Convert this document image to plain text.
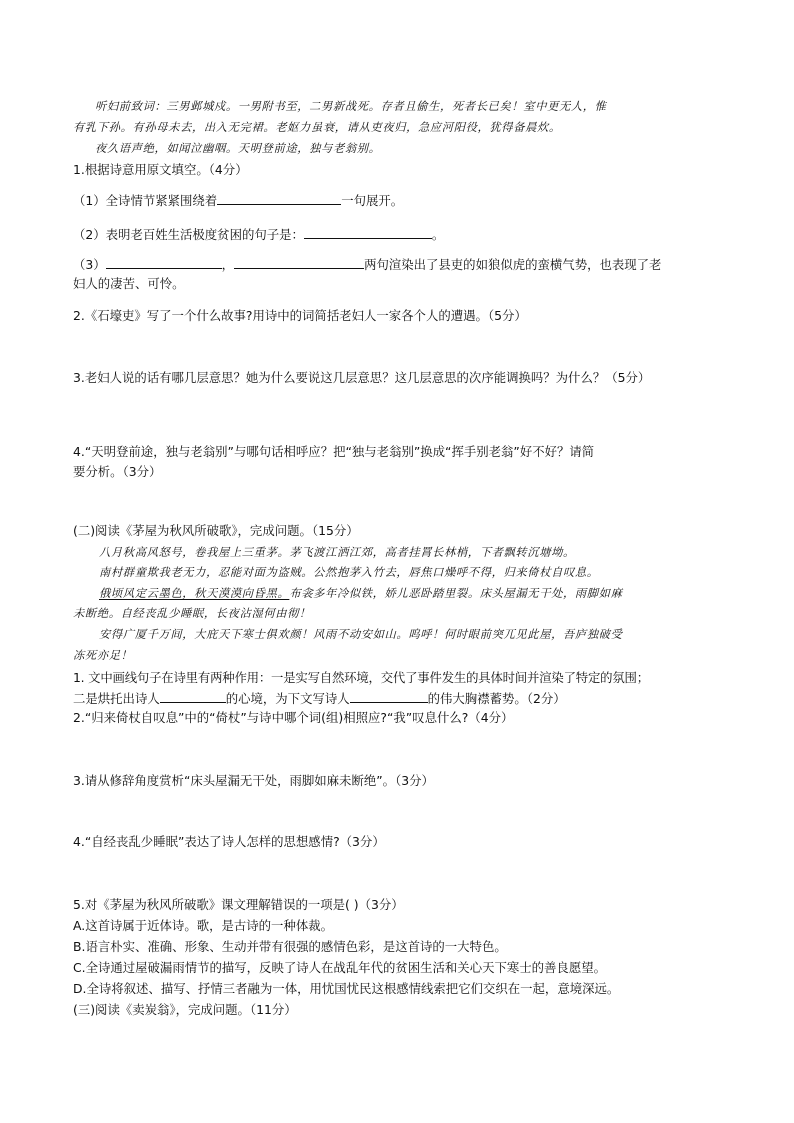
听妇前致词：三男邺城戍。一男附书至，二男新战死。存者且偷生，死者长已矣！室中更无人，惟
有乳下孙。有孙母未去，出入无完裙。老妪力虽衰，请从吏夜归，急应河阳役，犹得备晨炊。
夜久语声绝，如闻泣幽咽。天明登前途，独与老翁别。
1.根据诗意用原文填空。（4分）
（1）全诗情节紧紧围绕着	一句展开。
（2）表明老百姓生活极度贫困的句子是：	。
（3）	，	两句渲染出了县吏的如狼似虎的蛮横气势，也表现了老
妇人的凄苦、可怜。
2.《石壕吏》写了一个什么故事?用诗中的词简括老妇人一家各个人的遭遇。（5分）
3.老妇人说的话有哪几层意思？她为什么要说这几层意思？这几层意思的次序能调换吗？为什么？（5分）
4.“天明登前途，独与老翁别”与哪句话相呼应？把“独与老翁别”换成“挥手别老翁”好不好？请简
要分析。（3分）
(二)阅读《茅屋为秋风所破歌》，完成问题。（15分）
八月秋高风怒号，卷我屋上三重茅。茅飞渡江洒江郊，高者挂罥长林梢，下者飘转沉塘坳。
南村群童欺我老无力，忍能对面为盗贼。公然抱茅入竹去，唇焦口燥呼不得，归来倚杖自叹息。
俄顷风定云墨色，秋天漠漠向昏黑。布衾多年冷似铁，娇儿恶卧踏里裂。床头屋漏无干处，雨脚如麻
未断绝。自经丧乱少睡眠，长夜沾湿何由彻！
安得广厦千万间，大庇天下寒士俱欢颜！风雨不动安如山。呜呼！何时眼前突兀见此屋，吾庐独破受
冻死亦足！
1. 文中画线句子在诗里有两种作用：一是实写自然环境，交代了事件发生的具体时间并渲染了特定的氛围；
二是烘托出诗人	的心境，为下文写诗人	的伟大胸襟蓄势。（2分）
2.“归来倚杖自叹息”中的“倚杖”与诗中哪个词(组)相照应?“我”叹息什么?（4分）
3.请从修辞角度赏析“床头屋漏无干处，雨脚如麻未断绝”。（3分）
4.“自经丧乱少睡眠”表达了诗人怎样的思想感情?（3分）
5.对《茅屋为秋风所破歌》课文理解错误的一项是( )（3分）
A.这首诗属于近体诗。歌，是古诗的一种体裁。
B.语言朴实、准确、形象、生动并带有很强的感情色彩，是这首诗的一大特色。
C.全诗通过屋破漏雨情节的描写，反映了诗人在战乱年代的贫困生活和关心天下寒士的善良愿望。
D.全诗将叙述、描写、抒情三者融为一体，用忧国忧民这根感情线索把它们交织在一起，意境深远。
(三)阅读《卖炭翁》，完成问题。（11分）
